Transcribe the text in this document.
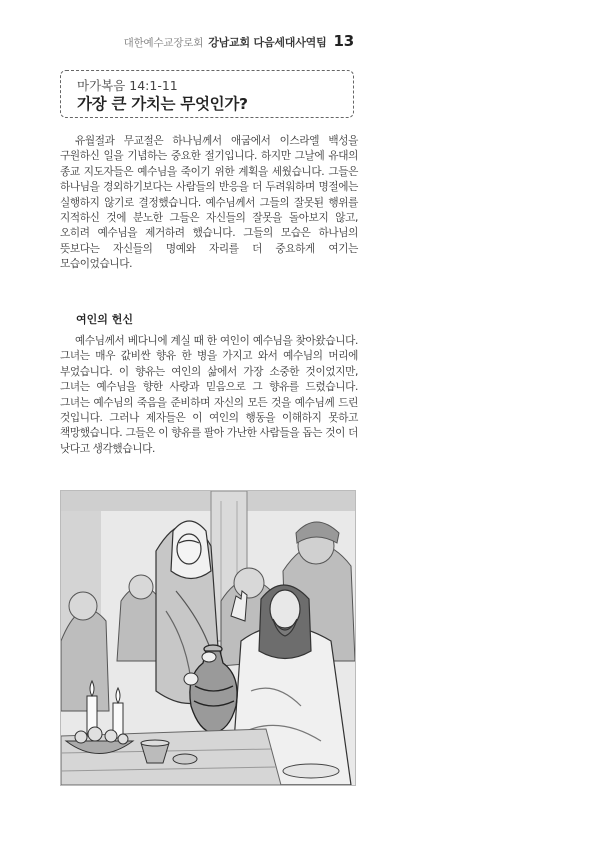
대한예수교장로회 강남교회 다음세대사역팀 13
마가복음 14:1-11
가장 큰 가치는 무엇인가?

유월절과 무교절은 하나님께서 애굽에서 이스라엘 백성을 구원하신 일을 기념하는 중요한 절기입니다. 하지만 그날에 유대의 종교 지도자들은 예수님을 죽이기 위한 계획을 세웠습니다. 그들은 하나님을 경외하기보다는 사람들의 반응을 더 두려워하며 명절에는 실행하지 않기로 결정했습니다. 예수님께서 그들의 잘못된 행위를 지적하신 것에 분노한 그들은 자신들의 잘못을 돌아보지 않고, 오히려 예수님을 제거하려 했습니다. 그들의 모습은 하나님의 뜻보다는 자신들의 명예와 자리를 더 중요하게 여기는 모습이었습니다.

여인의 헌신

예수님께서 베다니에 계실 때 한 여인이 예수님을 찾아왔습니다. 그녀는 매우 값비싼 향유 한 병을 가지고 와서 예수님의 머리에 부었습니다. 이 향유는 여인의 삶에서 가장 소중한 것이었지만, 그녀는 예수님을 향한 사랑과 믿음으로 그 향유를 드렸습니다. 그녀는 예수님의 죽음을 준비하며 자신의 모든 것을 예수님께 드린 것입니다. 그러나 제자들은 이 여인의 행동을 이해하지 못하고 책망했습니다. 그들은 이 향유를 팔아 가난한 사람들을 돕는 것이 더 낫다고 생각했습니다.
